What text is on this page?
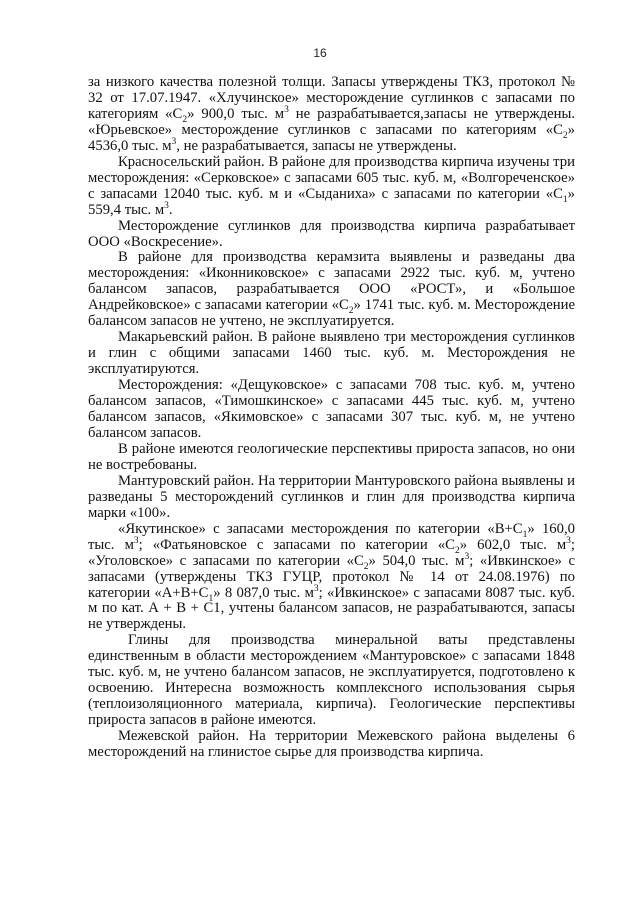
16

за низкого качества полезной толщи. Запасы утверждены ТКЗ, протокол № 32 от 17.07.1947. «Хлучинское» месторождение суглинков с запасами по категориям «$С_2$» 900,0 тыс. $м^3$ не разрабатывается,запасы не утверждены. «Юрьевское» месторождение суглинков с запасами по категориям «$С_2$» 4536,0 тыс. $м^3$, не разрабатывается, запасы не утверждены.

Красносельский район. В районе для производства кирпича изучены три месторождения: «Серковское» с запасами 605 тыс. куб. м, «Волгореченское» с запасами 12040 тыс. куб. м и «Сыданиха» с запасами по категории «$С_1$» 559,4 тыс. $м^3$.

Месторождение суглинков для производства кирпича разрабатывает ООО «Воскресение».

В районе для производства керамзита выявлены и разведаны два месторождения: «Иконниковское» с запасами 2922 тыс. куб. м, учтено балансом запасов, разрабатывается ООО «РОСТ», и «Большое Андрейковское» с запасами категории «$С_2$» 1741 тыс. куб. м. Месторождение балансом запасов не учтено, не эксплуатируется.

Макарьевский район. В районе выявлено три месторождения суглинков и глин с общими запасами 1460 тыс. куб. м. Месторождения не эксплуатируются.

Месторождения: «Дещуковское» с запасами 708 тыс. куб. м, учтено балансом запасов, «Тимошкинское» с запасами 445 тыс. куб. м, учтено балансом запасов, «Якимовское» с запасами 307 тыс. куб. м, не учтено балансом запасов.

В районе имеются геологические перспективы прироста запасов, но они не востребованы.

Мантуровский район. На территории Мантуровского района выявлены и разведаны 5 месторождений суглинков и глин для производства кирпича марки «100».

«Якутинское» с запасами месторождения по категории «$В+С_1$» 160,0 тыс. $м^3$; «Фатьяновское с запасами по категории «$С_2$» 602,0 тыс. $м^3$; «Уголовское» с запасами по категории «$С_2$» 504,0 тыс. $м^3$; «Ивкинское» с запасами (утверждены ТКЗ ГУЦР, протокол № 14 от 24.08.1976) по категории «$А+В+С_1$» 8 087,0 тыс. $м^3$; «Ивкинское» с запасами 8087 тыс. куб. м по кат. А + В + С1, учтены балансом запасов, не разрабатываются, запасы не утверждены.

Глины для производства минеральной ваты представлены единственным в области месторождением «Мантуровское» с запасами 1848 тыс. куб. м, не учтено балансом запасов, не эксплуатируется, подготовлено к освоению. Интересна возможность комплексного использования сырья (теплоизоляционного материала, кирпича). Геологические перспективы прироста запасов в районе имеются.

Межевской район. На территории Межевского района выделены 6 месторождений на глинистое сырье для производства кирпича.
